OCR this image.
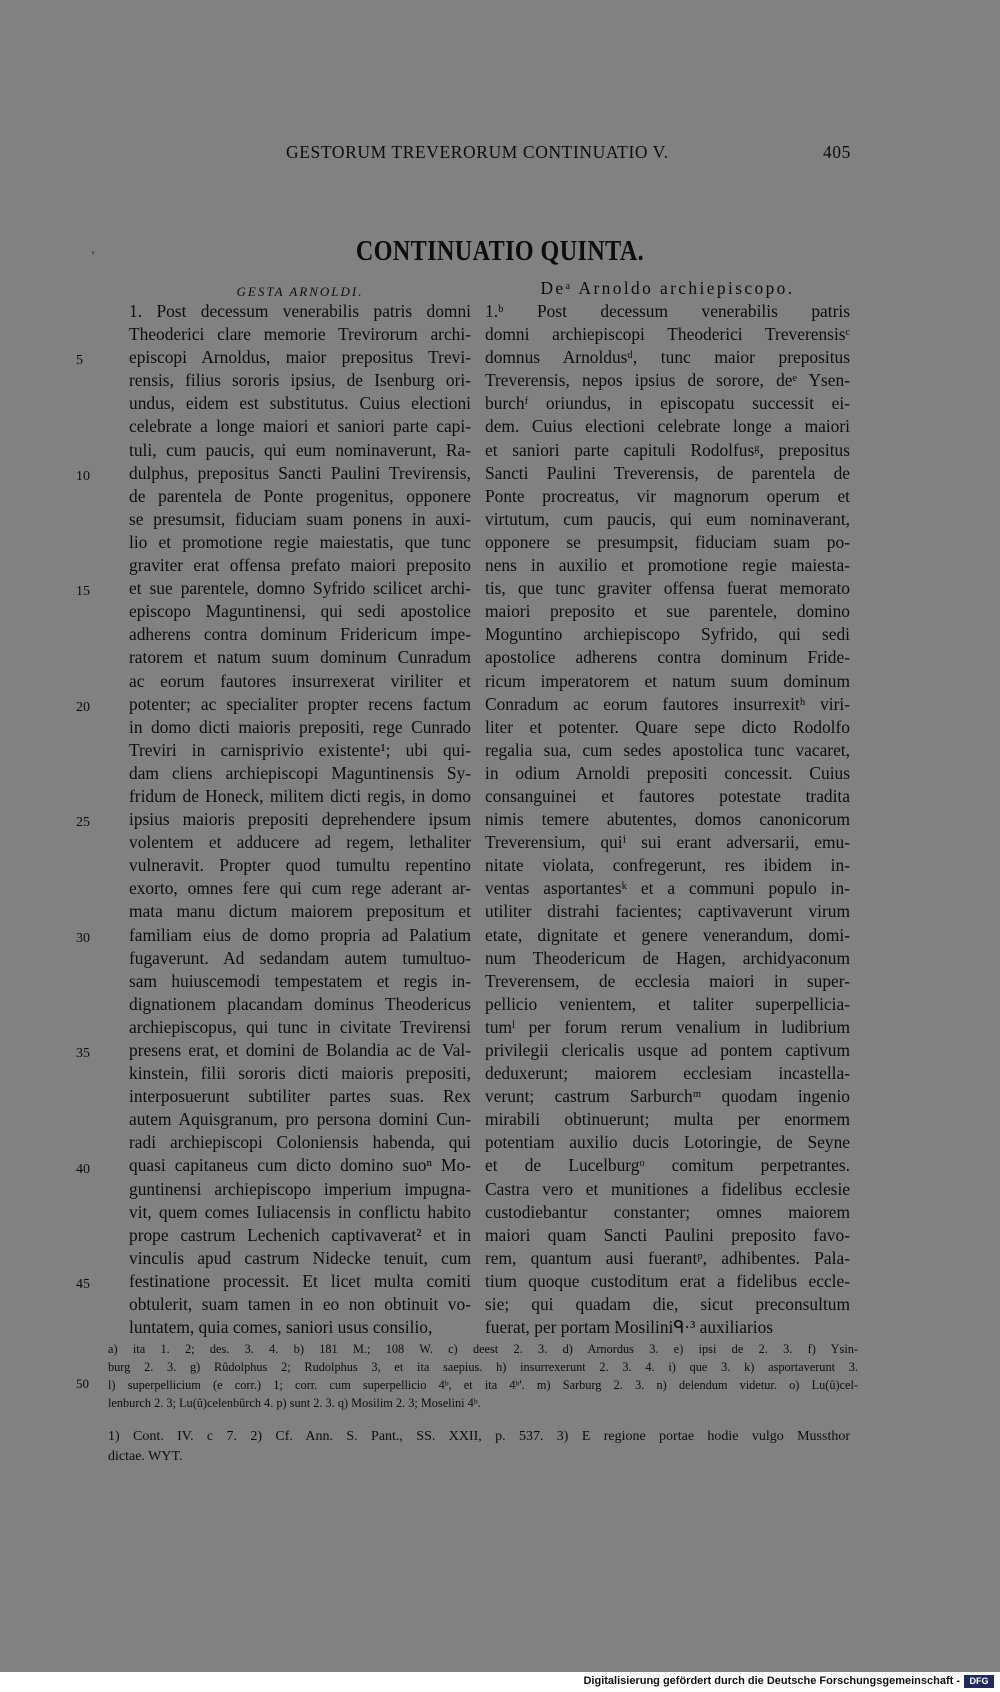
GESTORUM TREVERORUM CONTINUATIO V.	405
'	CONTINUATIO QUINTA.
GESTA ARNOLDI.
1. Post decessum venerabilis patris domni
Theoderici clare memorie Trevirorum archi-
episcopi Arnoldus, maior prepositus Trevi-
rensis, filius sororis ipsius, de Isenburg ori-
undus, eidem est substitutus. Cuius electioni
celebrate a longe maiori et saniori parte capi-
tuli, cum paucis, qui eum nominaverunt, Ra-
dulphus, prepositus Sancti Paulini Trevirensis,
de parentela de Ponte progenitus, opponere
se presumsit, fiduciam suam ponens in auxi-
lio et promotione regie maiestatis, que tunc
graviter erat offensa prefato maiori preposito
et sue parentele, domno Syfrido scilicet archi-
episcopo Maguntinensi, qui sedi apostolice
adherens contra dominum Fridericum impe-
ratorem et natum suum dominum Cunradum
ac eorum fautores insurrexerat viriliter et
potenter; ac specialiter propter recens factum
in domo dicti maioris prepositi, rege Cunrado
Treviri in carnisprivio existente¹; ubi qui-
dam cliens archiepiscopi Maguntinensis Sy-
fridum de Honeck, militem dicti regis, in domo
ipsius maioris prepositi deprehendere ipsum
volentem et adducere ad regem, lethaliter
vulneravit. Propter quod tumultu repentino
exorto, omnes fere qui cum rege aderant ar-
mata manu dictum maiorem prepositum et
familiam eius de domo propria ad Palatium
fugaverunt. Ad sedandam autem tumultuo-
sam huiuscemodi tempestatem et regis in-
dignationem placandam dominus Theodericus
archiepiscopus, qui tunc in civitate Trevirensi
presens erat, et domini de Bolandia ac de Val-
kinstein, filii sororis dicti maioris prepositi,
interposuerunt subtiliter partes suas. Rex
autem Aquisgranum, pro persona domini Cun-
radi archiepiscopi Coloniensis habenda, qui
quasi capitaneus cum dicto domino suoⁿ Mo-
guntinensi archiepiscopo imperium impugna-
vit, quem comes Iuliacensis in conflictu habito
prope castrum Lechenich captivaverat² et in
vinculis apud castrum Nidecke tenuit, cum
festinatione processit. Et licet multa comiti
obtulerit, suam tamen in eo non obtinuit vo-
luntatem, quia comes, saniori usus consilio,
5
10
15
20
25
30
35
40
45
Deᵃ Arnoldo archiepiscopo.
1.ᵇ Post decessum venerabilis patris
domni archiepiscopi Theoderici Treverensisᶜ
domnus Arnoldusᵈ, tunc maior prepositus
Treverensis, nepos ipsius de sorore, deᵉ Ysen-
burchᶠ oriundus, in episcopatu successit ei-
dem. Cuius electioni celebrate longe a maiori
et saniori parte capituli Rodolfusᵍ, prepositus
Sancti Paulini Treverensis, de parentela de
Ponte procreatus, vir magnorum operum et
virtutum, cum paucis, qui eum nominaverant,
opponere se presumpsit, fiduciam suam po-
nens in auxilio et promotione regie maiesta-
tis, que tunc graviter offensa fuerat memorato
maiori preposito et sue parentele, domino
Moguntino archiepiscopo Syfrido, qui sedi
apostolice adherens contra dominum Fride-
ricum imperatorem et natum suum dominum
Conradum ac eorum fautores insurrexitʰ viri-
liter et potenter. Quare sepe dicto Rodolfo
regalia sua, cum sedes apostolica tunc vacaret,
in odium Arnoldi prepositi concessit. Cuius
consanguinei et fautores potestate tradita
nimis temere abutentes, domos canonicorum
Treverensium, quiⁱ sui erant adversarii, emu-
nitate violata, confregerunt, res ibidem in-
ventas asportantesᵏ et a communi populo in-
utiliter distrahi facientes; captivaverunt virum
etate, dignitate et genere venerandum, domi-
num Theodericum de Hagen, archidyaconum
Treverensem, de ecclesia maiori in super-
pellicio venientem, et taliter superpellicia-
tumˡ per forum rerum venalium in ludibrium
privilegii clericalis usque ad pontem captivum
deduxerunt; maiorem ecclesiam incastella-
verunt; castrum Sarburchᵐ quodam ingenio
mirabili obtinuerunt; multa per enormem
potentiam auxilio ducis Lotoringie, de Seyne
et de Lucelburgᵒ comitum perpetrantes.
Castra vero et munitiones a fidelibus ecclesie
custodiebantur constanter; omnes maiorem
maiori quam Sancti Paulini preposito favo-
rem, quantum ausi fuerantᵖ, adhibentes. Pala-
tium quoque custoditum erat a fidelibus eccle-
sie; qui quadam die, sicut preconsultum
fuerat, per portam Mosiliniᑫ·³ auxiliarios
50
a) ita 1. 2; des. 3. 4. b) 181 M.; 108 W. c) deest 2. 3. d) Arnordus 3. e) ipsi de 2. 3. f) Ysin-
burg 2. 3. g) Rûdolphus 2; Rudolphus 3, et ita saepius. h) insurrexerunt 2. 3. 4. i) que 3. k) asportaverunt 3.
l) superpellicium (e corr.) 1; corr. cum superpellicio 4ᵇ, et ita 4ᵇ'. m) Sarburg 2. 3. n) delendum videtur. o) Lu(û)cel-
lenburch 2. 3; Lu(û)celenbûrch 4. p) sunt 2. 3. q) Mosilim 2. 3; Moselini 4ᵇ.
1) Cont. IV. c 7. 2) Cf. Ann. S. Pant., SS. XXII, p. 537. 3) E regione portae hodie vulgo Mussthor
dictae. WYT.
Digitalisierung gefördert durch die Deutsche Forschungsgemeinschaft -	DFG
